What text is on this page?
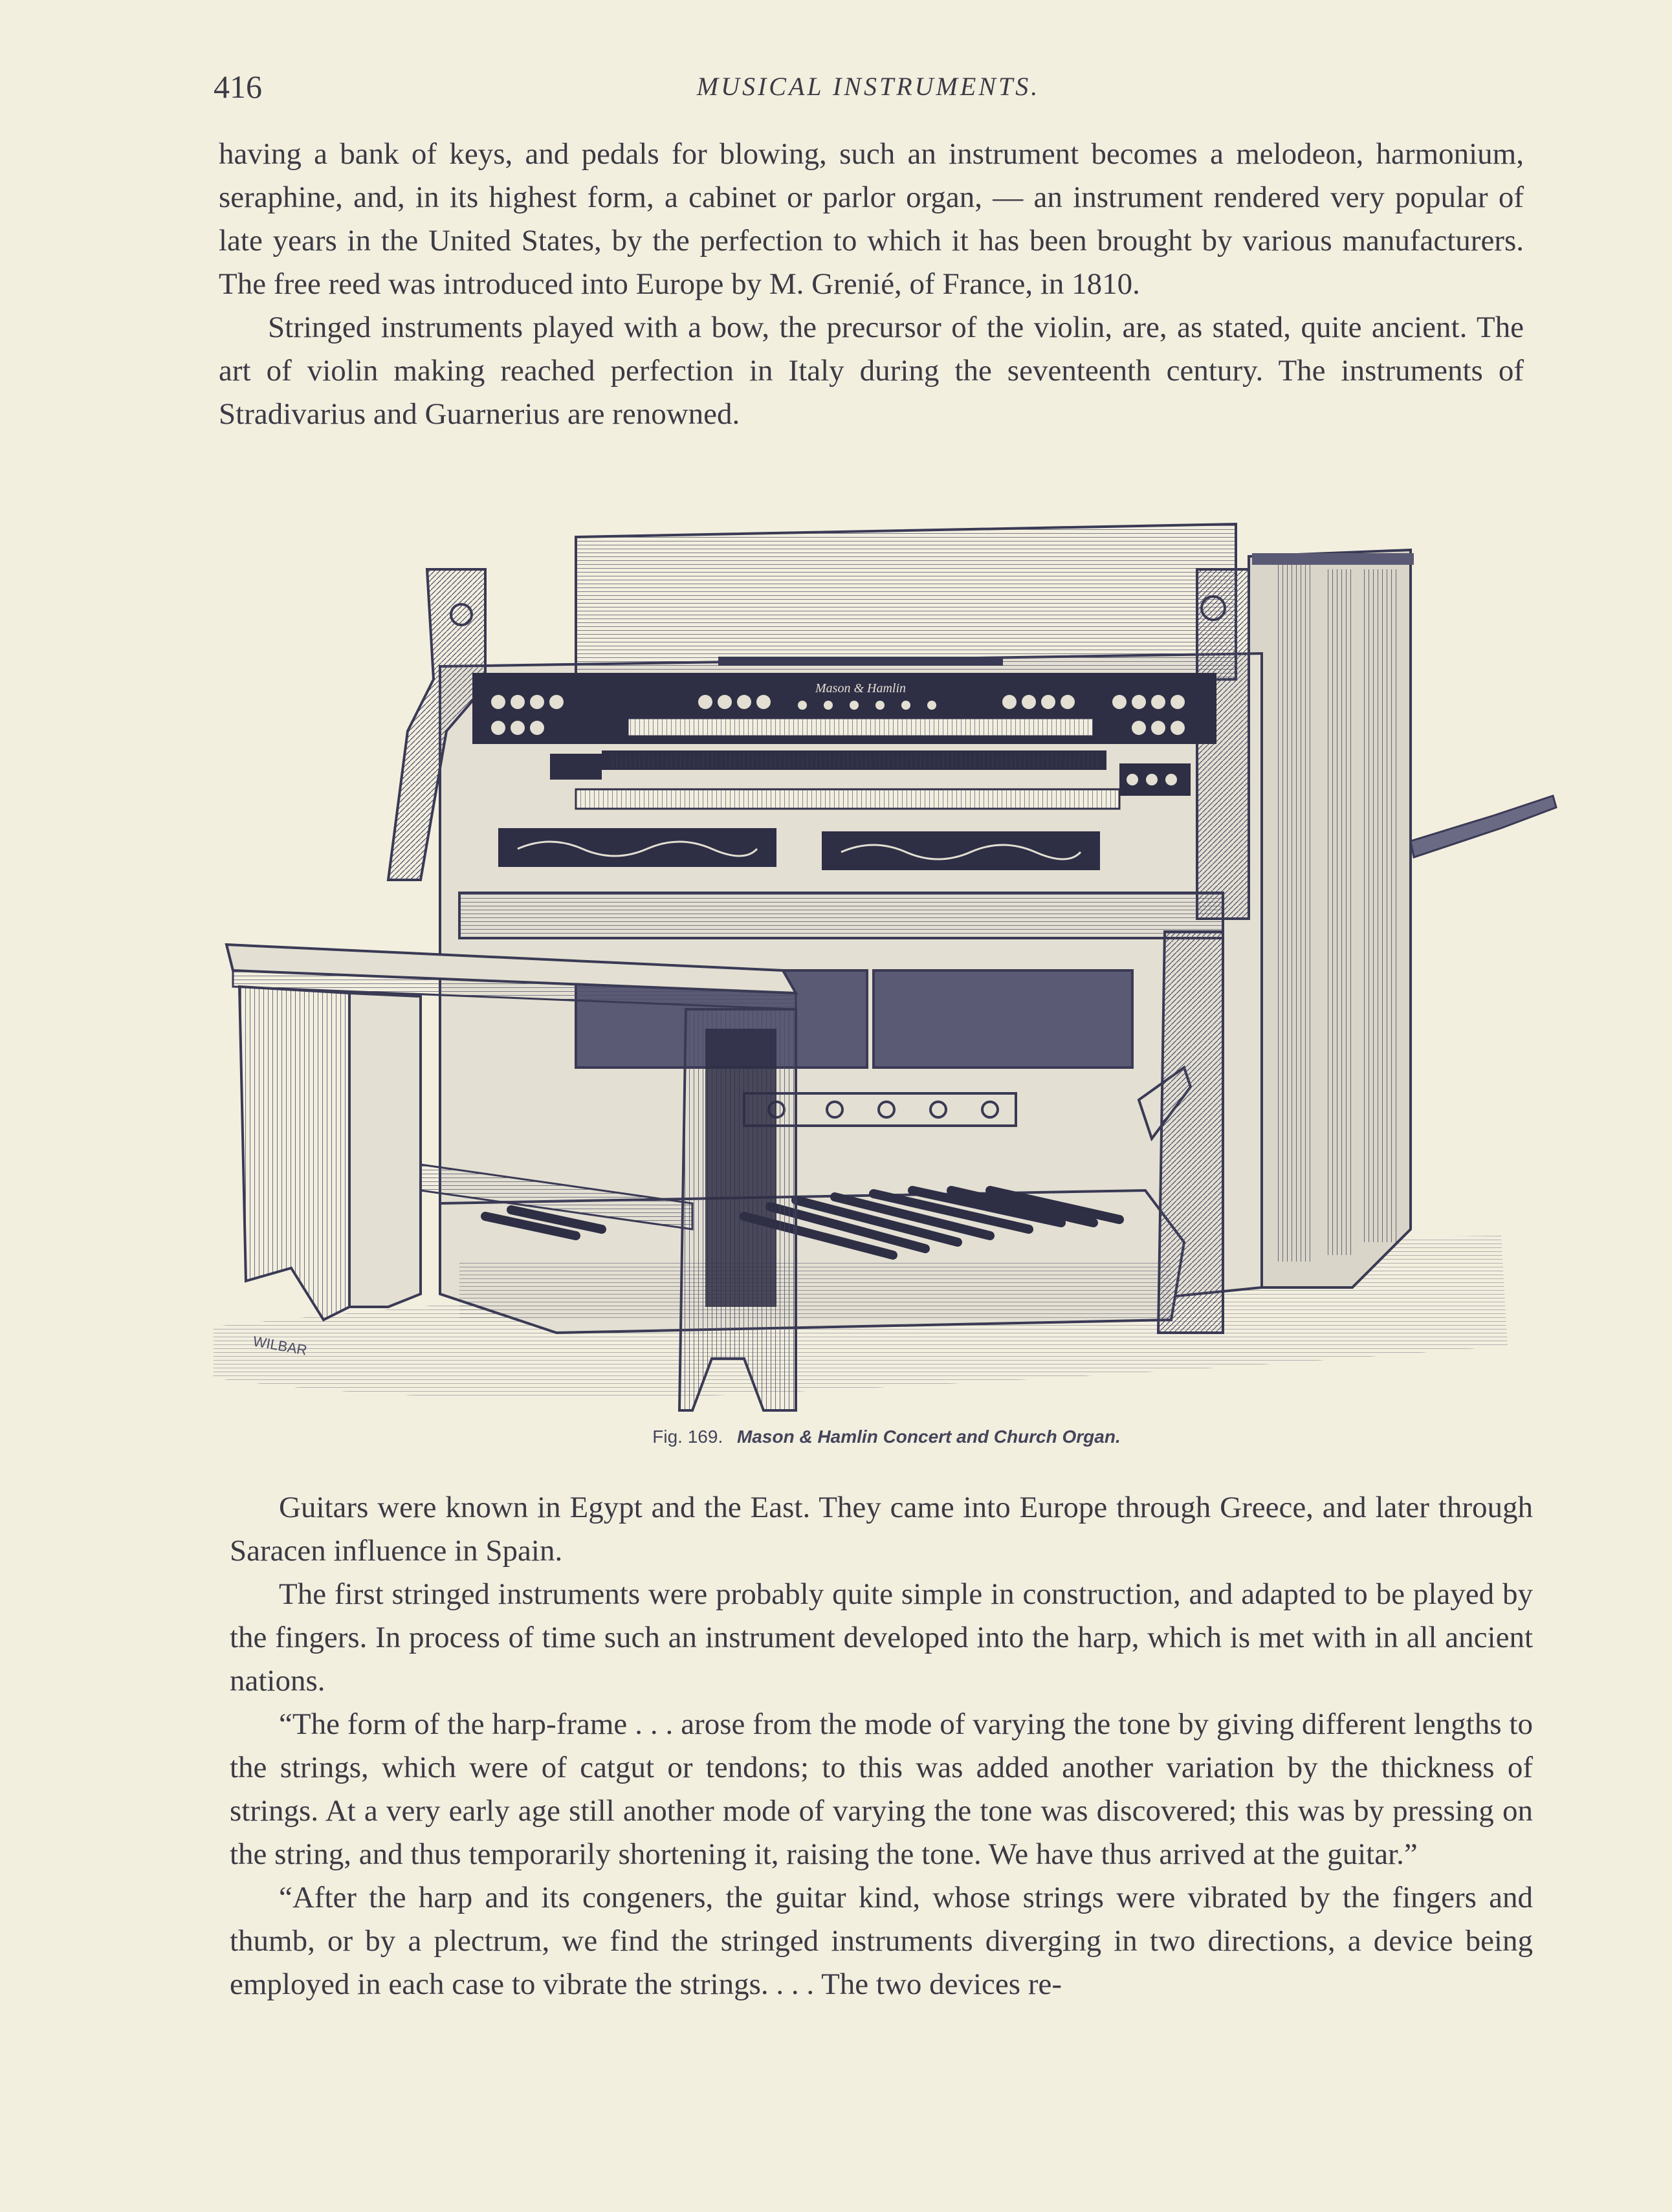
416	MUSICAL INSTRUMENTS.

having a bank of keys, and pedals for blowing, such an instrument becomes a melodeon, harmonium, seraphine, and, in its highest form, a cabinet or parlor organ, — an instrument rendered very popular of late years in the United States, by the perfection to which it has been brought by various manufacturers. The free reed was introduced into Europe by M. Grenié, of France, in 1810.

Stringed instruments played with a bow, the precursor of the violin, are, as stated, quite ancient. The art of violin making reached perfection in Italy during the seventeenth century. The instruments of Stradivarius and Guarnerius are renowned.

Mason & Hamlin
WILBAR
Fig. 169. Mason & Hamlin Concert and Church Organ.

Guitars were known in Egypt and the East. They came into Europe through Greece, and later through Saracen influence in Spain.

The first stringed instruments were probably quite simple in construction, and adapted to be played by the fingers. In process of time such an instrument developed into the harp, which is met with in all ancient nations.

“The form of the harp-frame . . . arose from the mode of varying the tone by giving different lengths to the strings, which were of catgut or tendons; to this was added another variation by the thickness of strings. At a very early age still another mode of varying the tone was discovered; this was by pressing on the string, and thus temporarily shortening it, raising the tone. We have thus arrived at the guitar.”

“After the harp and its congeners, the guitar kind, whose strings were vibrated by the fingers and thumb, or by a plectrum, we find the stringed instruments diverging in two directions, a device being employed in each case to vibrate the strings. . . . The two devices re-
